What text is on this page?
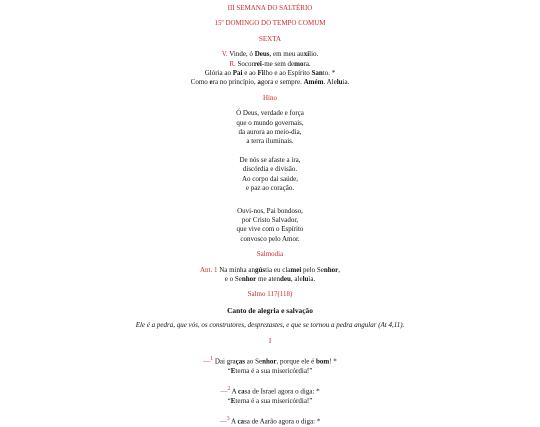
III SEMANA DO SALTÉRIO
15º DOMINGO DO TEMPO COMUM
SEXTA
V. Vinde, ó Deus, em meu auxílio.
R. Socorrei-me sem demora.
Glória ao Pai e ao Filho e ao Espírito Santo. *
Como era no princípio, agora e sempre. Amém. Aleluia.
Hino
Ó Deus, verdade e força
que o mundo governais,
da aurora ao meio-dia,
a terra iluminais.
De nós se afaste a ira,
discórdia e divisão.
Ao corpo dai saúde,
e paz ao coração.
Ouvi-nos, Pai bondoso,
por Cristo Salvador,
que vive com o Espírito
convosco pelo Amor.
Salmodia
Ant. 1 Na minha angústia eu clamei pelo Senhor,
e o Senhor me atendeu, aleluia.
Salmo 117(118)
Canto de alegria e salvação
Ele é a pedra, que vós, os construtores, desprezastes, e que se tornou a pedra angular (At 4,11).
I
—$^1$ Dai graças ao Senhor, porque ele é bom! *
“Eterna é a sua misericórdia!”
—$^2$ A casa de Israel agora o diga: *
“Eterna é a sua misericórdia!”
—$^3$ A casa de Aarão agora o diga: *
